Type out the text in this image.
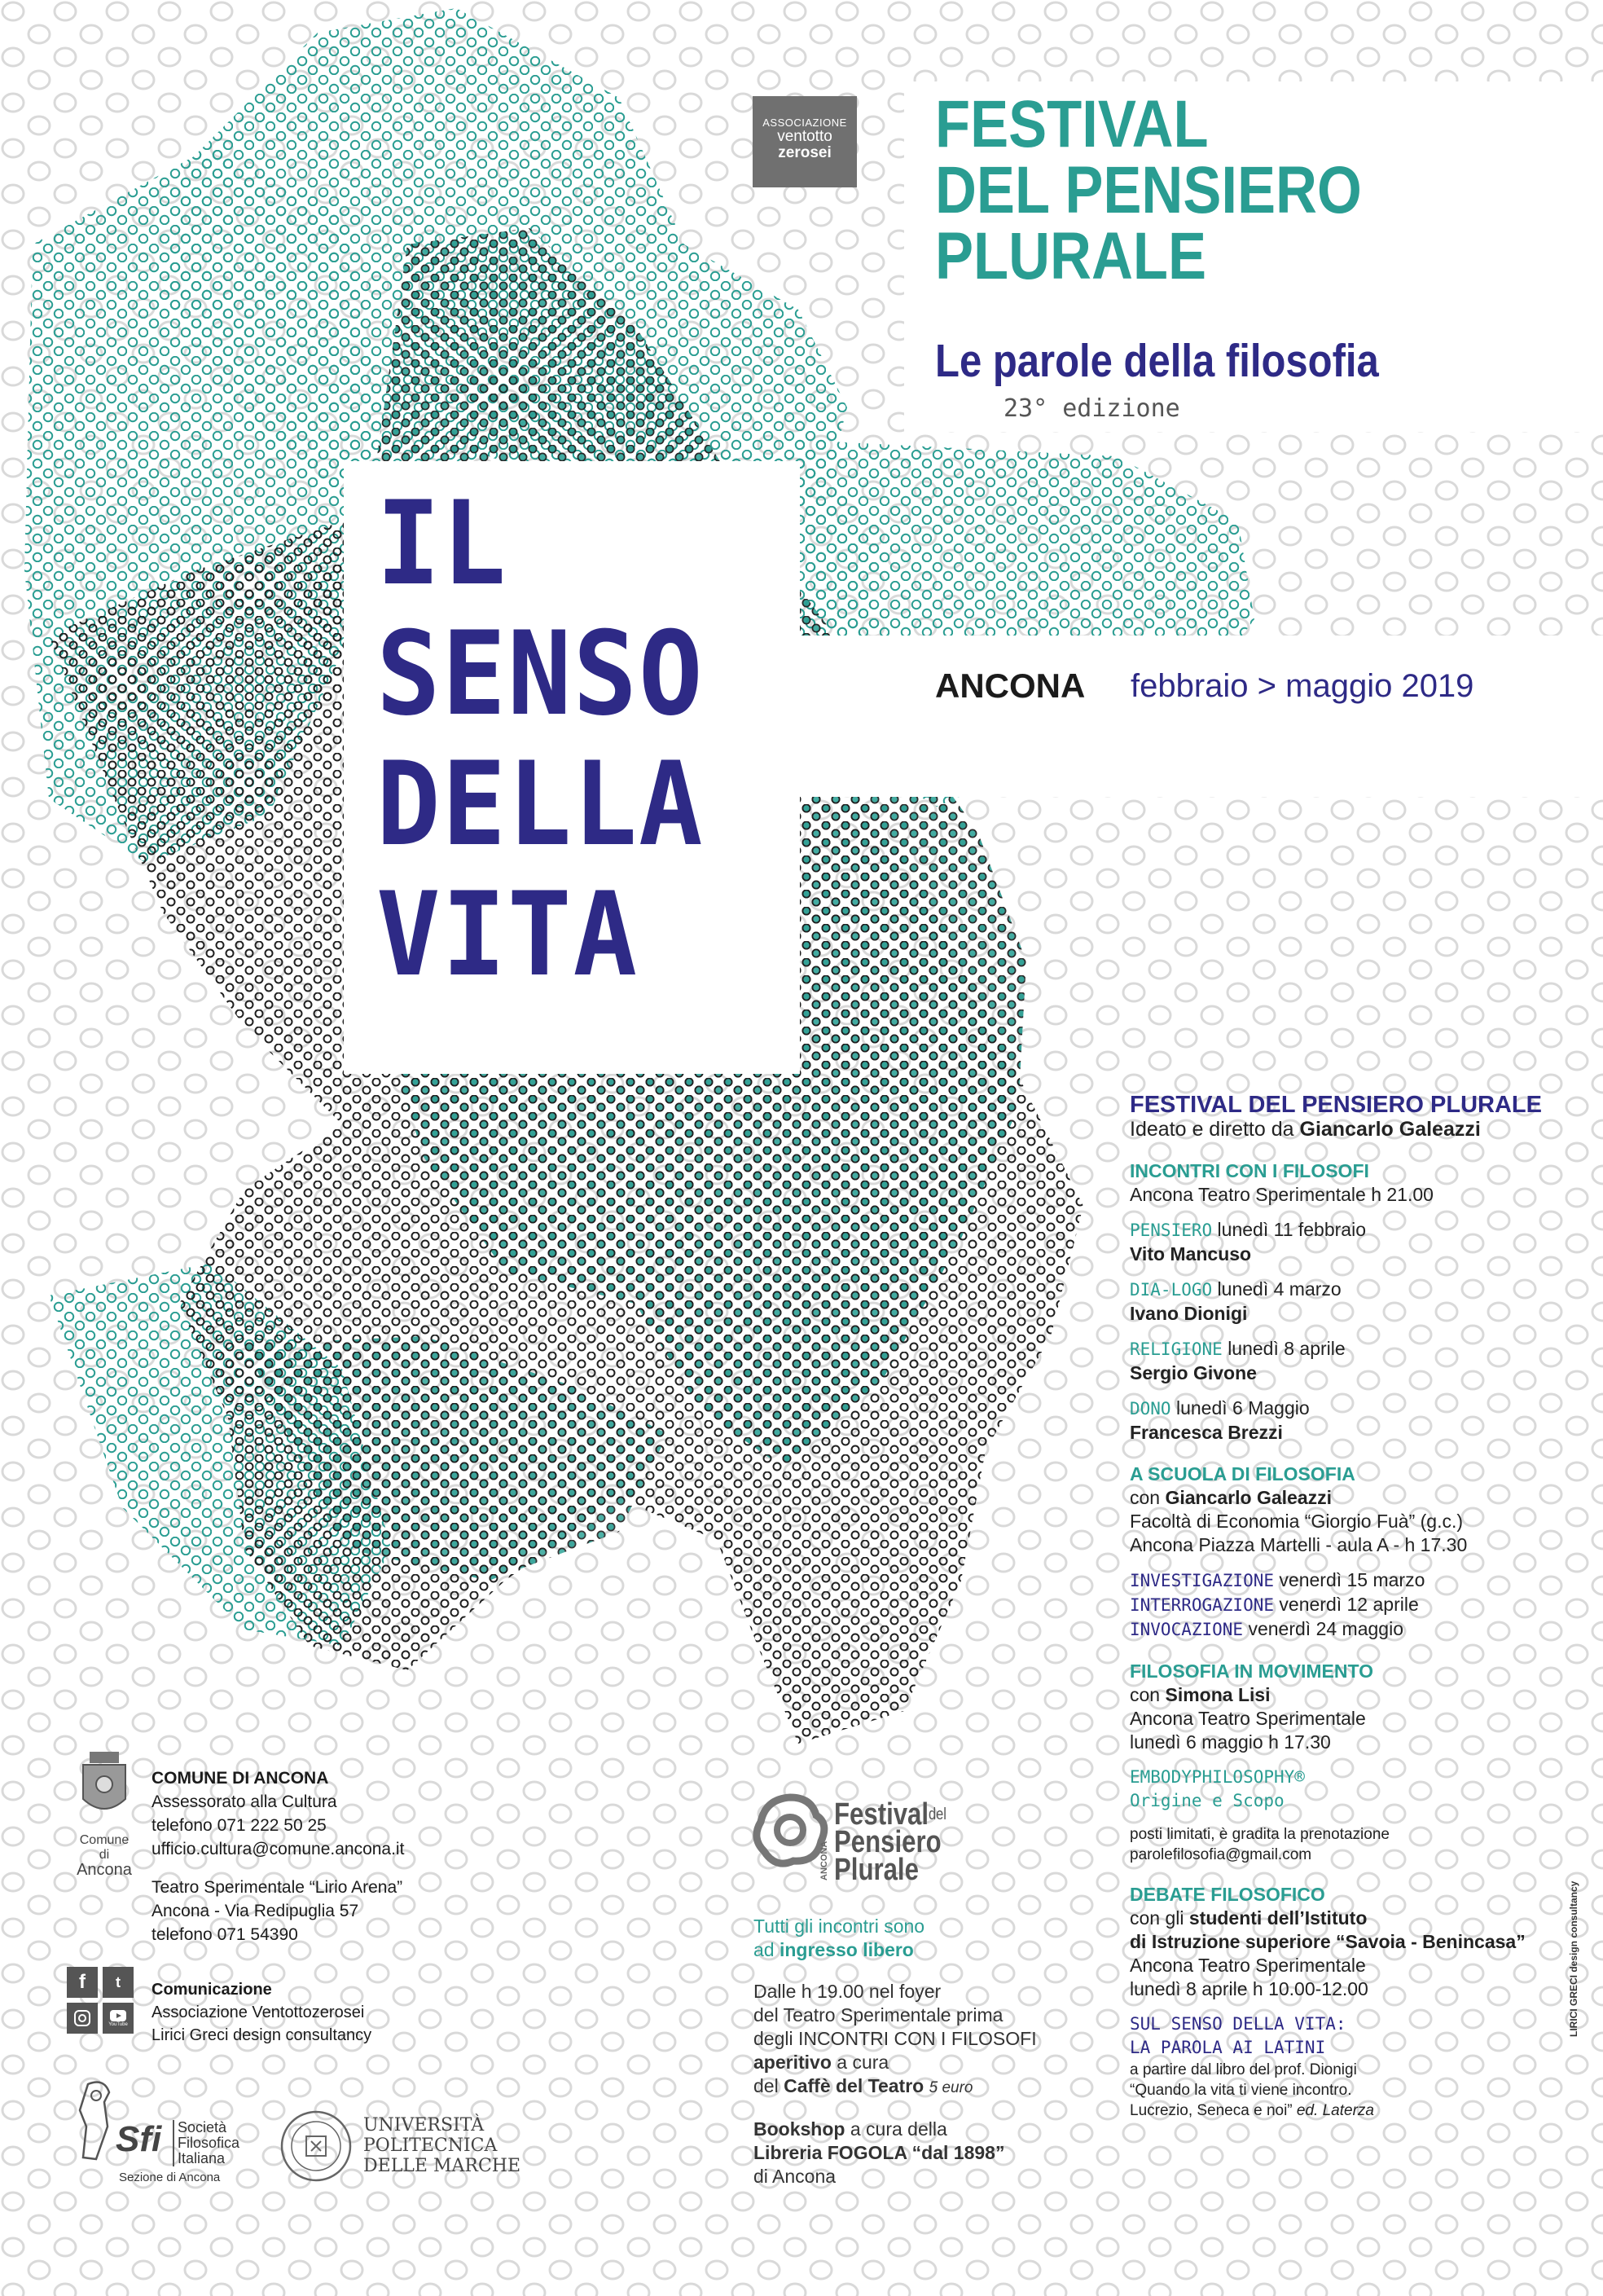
ASSOCIAZIONE
ventotto
zerosei	FESTIVAL
DEL PENSIERO
PLURALE
Le parole della filosofia
23° edizione
IL
SENSO
DELLA
VITA
ANCONA febbraio > maggio 2019
FESTIVAL DEL PENSIERO PLURALE
Ideato e diretto da Giancarlo Galeazzi
INCONTRI CON I FILOSOFI
Ancona Teatro Sperimentale h 21.00
PENSIERO lunedì 11 febbraio
Vito Mancuso
DIA-LOGO lunedì 4 marzo
Ivano Dionigi
RELIGIONE lunedì 8 aprile
Sergio Givone
DONO lunedì 6 Maggio
Francesca Brezzi
A SCUOLA DI FILOSOFIA
con Giancarlo Galeazzi
Facoltà di Economia “Giorgio Fuà” (g.c.)
Ancona Piazza Martelli - aula A - h 17.30
INVESTIGAZIONE venerdì 15 marzo
INTERROGAZIONE venerdì 12 aprile
INVOCAZIONE venerdì 24 maggio
FILOSOFIA IN MOVIMENTO
con Simona Lisi
Ancona Teatro Sperimentale
lunedì 6 maggio h 17.30
EMBODYPHILOSOPHY®
Origine e Scopo
posti limitati, è gradita la prenotazione
parolefilosofia@gmail.com
DEBATE FILOSOFICO
con gli studenti dell’Istituto
di Istruzione superiore “Savoia - Benincasa”
Ancona Teatro Sperimentale
lunedì 8 aprile h 10.00-12.00
SUL SENSO DELLA VITA:
LA PAROLA AI LATINI
a partire dal libro del prof. Dionigi
“Quando la vita ti viene incontro.
Lucrezio, Seneca e noi” ed. Laterza
Comune di
Ancona
COMUNE DI ANCONA
Assessorato alla Cultura
telefono 071 222 50 25
ufficio.cultura@comune.ancona.it
Teatro Sperimentale “Lirio Arena”
Ancona - Via Redipuglia 57
telefono 071 54390
f	t
YouTube
Comunicazione
Associazione Ventottozerosei
Lirici Greci design consultancy
Sfi Società
Filosofica
Italiana
Sezione di Ancona
UNIVERSITÀ
POLITECNICA
DELLE MARCHE
ANCONA
Festival$^{del}$
Pensiero
Plurale
Tutti gli incontri sono
ad ingresso libero
Dalle h 19.00 nel foyer
del Teatro Sperimentale prima
degli INCONTRI CON I FILOSOFI
aperitivo a cura
del Caffè del Teatro 5 euro
Bookshop a cura della
Libreria FOGOLA “dal 1898”
di Ancona
LIRICI GRECI design consultancy
